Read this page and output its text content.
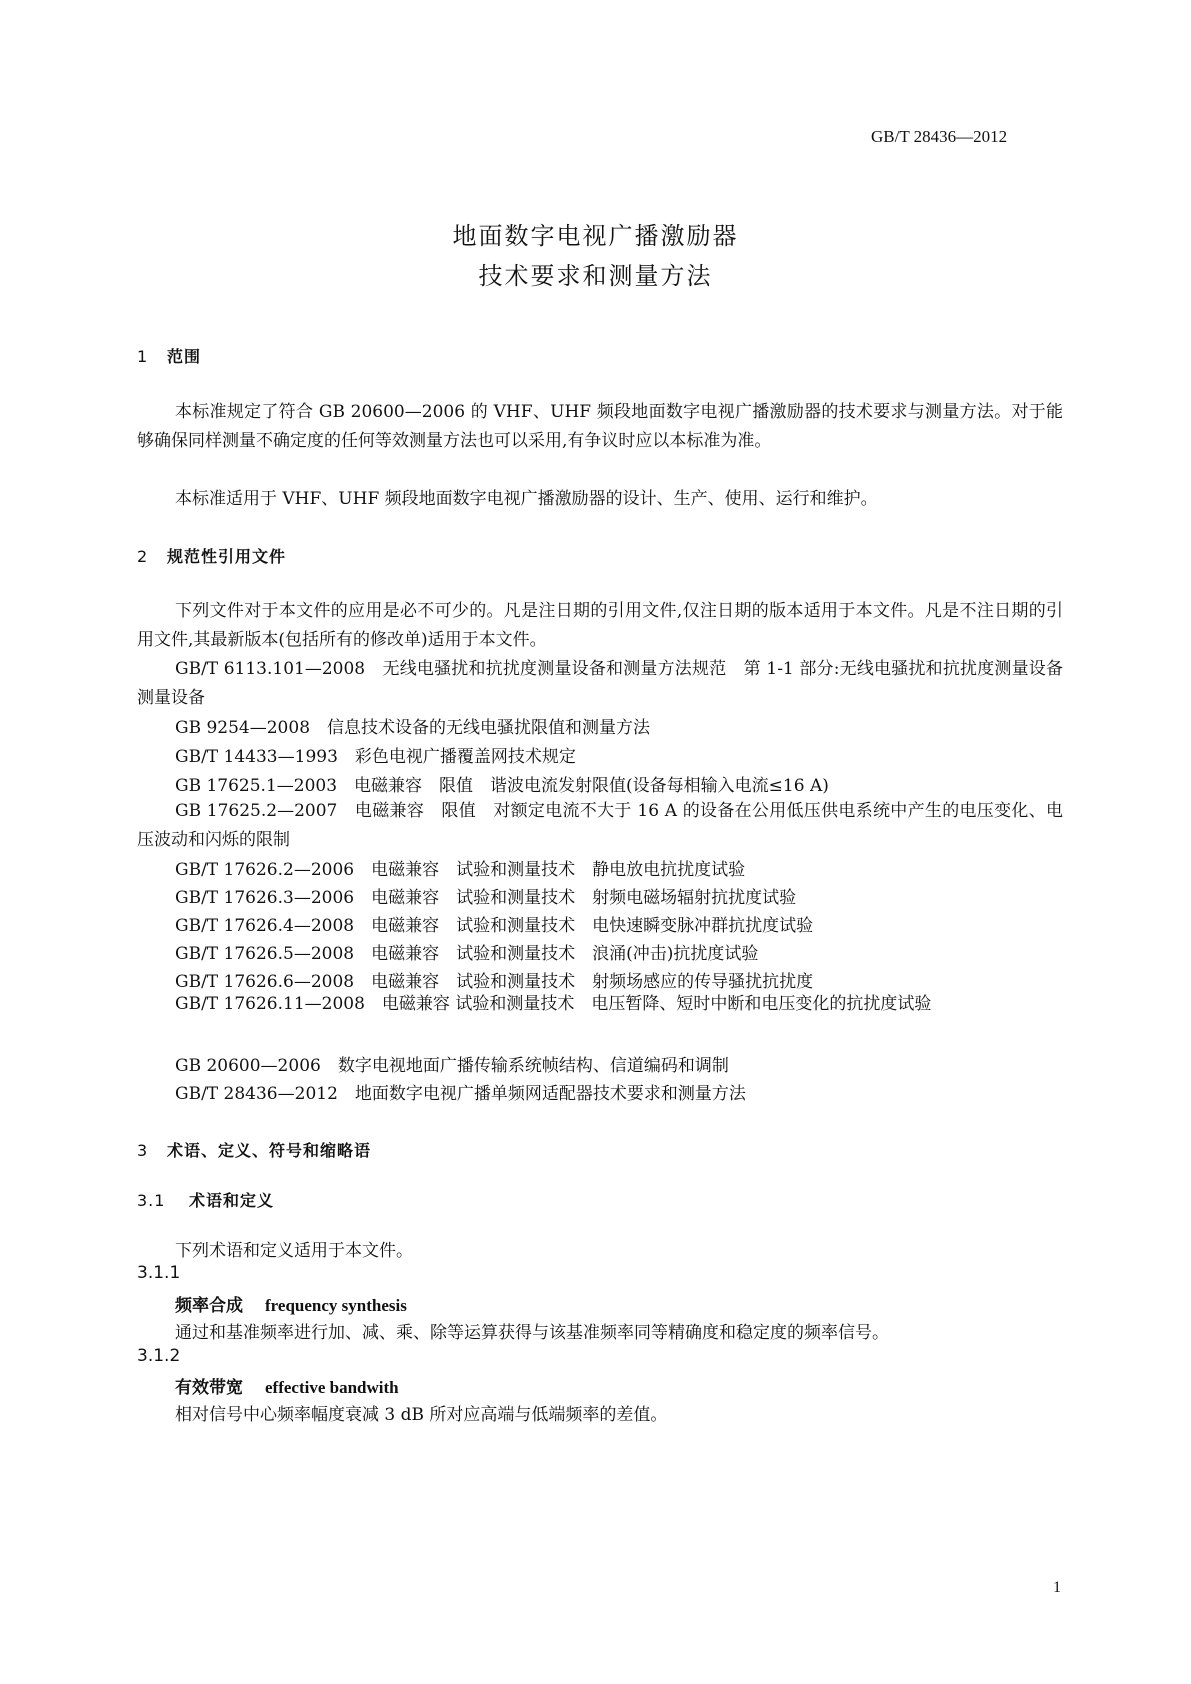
GB/T 28436—2012
地面数字电视广播激励器
技术要求和测量方法
1 范围
本标准规定了符合 GB 20600—2006 的 VHF、UHF 频段地面数字电视广播激励器的技术要求与测量方法。对于能够确保同样测量不确定度的任何等效测量方法也可以采用,有争议时应以本标准为准。
本标准适用于 VHF、UHF 频段地面数字电视广播激励器的设计、生产、使用、运行和维护。
2 规范性引用文件
下列文件对于本文件的应用是必不可少的。凡是注日期的引用文件,仅注日期的版本适用于本文件。凡是不注日期的引用文件,其最新版本(包括所有的修改单)适用于本文件。
GB/T 6113.101—2008　无线电骚扰和抗扰度测量设备和测量方法规范　第 1-1 部分:无线电骚扰和抗扰度测量设备　测量设备
GB 9254—2008　信息技术设备的无线电骚扰限值和测量方法
GB/T 14433—1993　彩色电视广播覆盖网技术规定
GB 17625.1—2003　电磁兼容　限值　谐波电流发射限值(设备每相输入电流≤16 A)
GB 17625.2—2007　电磁兼容　限值　对额定电流不大于 16 A 的设备在公用低压供电系统中产生的电压变化、电压波动和闪烁的限制
GB/T 17626.2—2006　电磁兼容　试验和测量技术　静电放电抗扰度试验
GB/T 17626.3—2006　电磁兼容　试验和测量技术　射频电磁场辐射抗扰度试验
GB/T 17626.4—2008　电磁兼容　试验和测量技术　电快速瞬变脉冲群抗扰度试验
GB/T 17626.5—2008　电磁兼容　试验和测量技术　浪涌(冲击)抗扰度试验
GB/T 17626.6—2008　电磁兼容　试验和测量技术　射频场感应的传导骚扰抗扰度
GB/T 17626.11—2008　电磁兼容 试验和测量技术　电压暂降、短时中断和电压变化的抗扰度试验
GB 20600—2006　数字电视地面广播传输系统帧结构、信道编码和调制
GB/T 28436—2012　地面数字电视广播单频网适配器技术要求和测量方法
3 术语、定义、符号和缩略语
3.1 术语和定义
下列术语和定义适用于本文件。
3.1.1
频率合成 frequency synthesis
通过和基准频率进行加、减、乘、除等运算获得与该基准频率同等精确度和稳定度的频率信号。
3.1.2
有效带宽 effective bandwith
相对信号中心频率幅度衰减 3 dB 所对应高端与低端频率的差值。
1
